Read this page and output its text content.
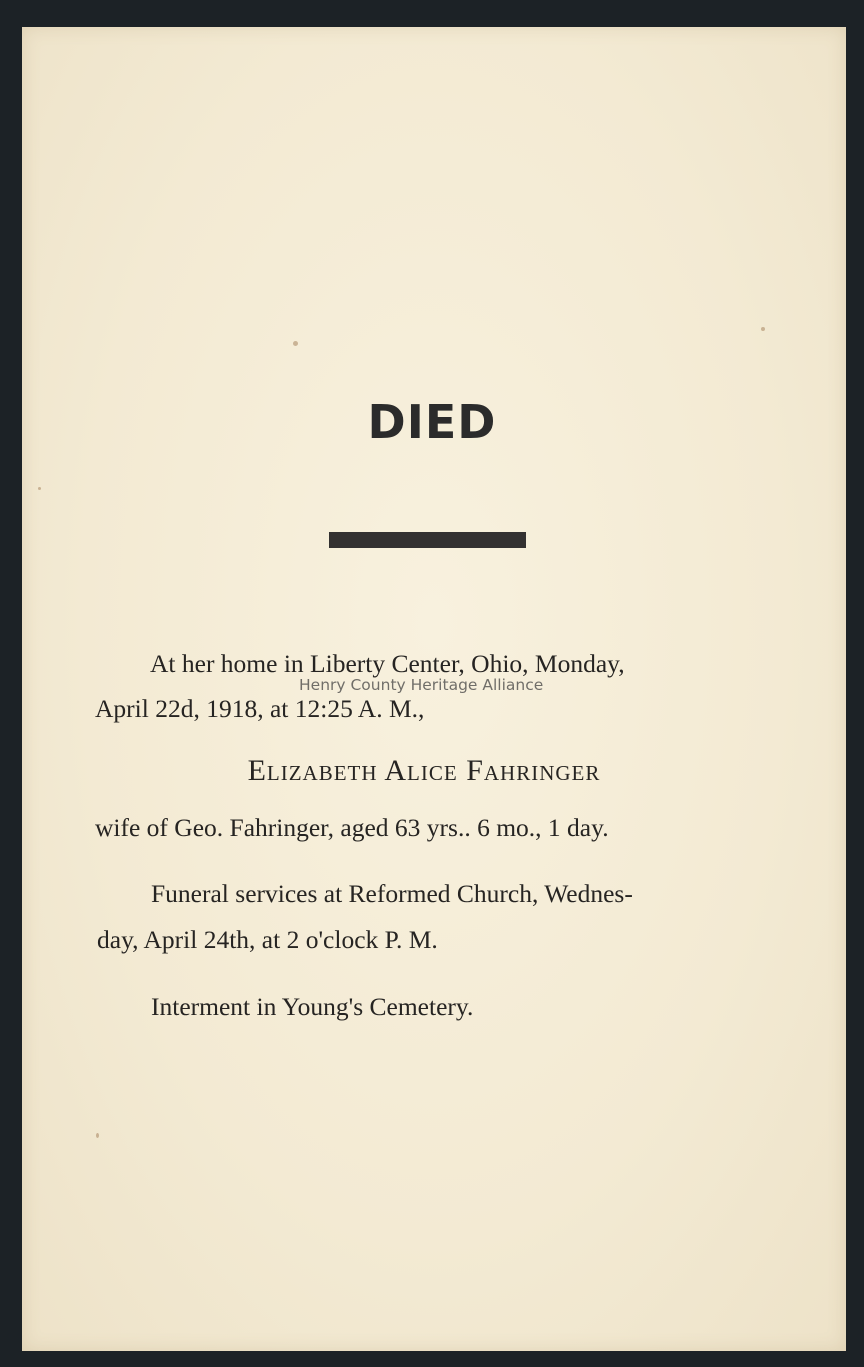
DIED

At her home in Liberty Center, Ohio, Monday,

April 22d, 1918, at 12:25 A. M.,

Henry County Heritage Alliance

Elizabeth Alice Fahringer

wife of Geo. Fahringer, aged 63 yrs.. 6 mo., 1 day.

Funeral services at Reformed Church, Wednes-

day, April 24th, at 2 o'clock P. M.

Interment in Young's Cemetery.
